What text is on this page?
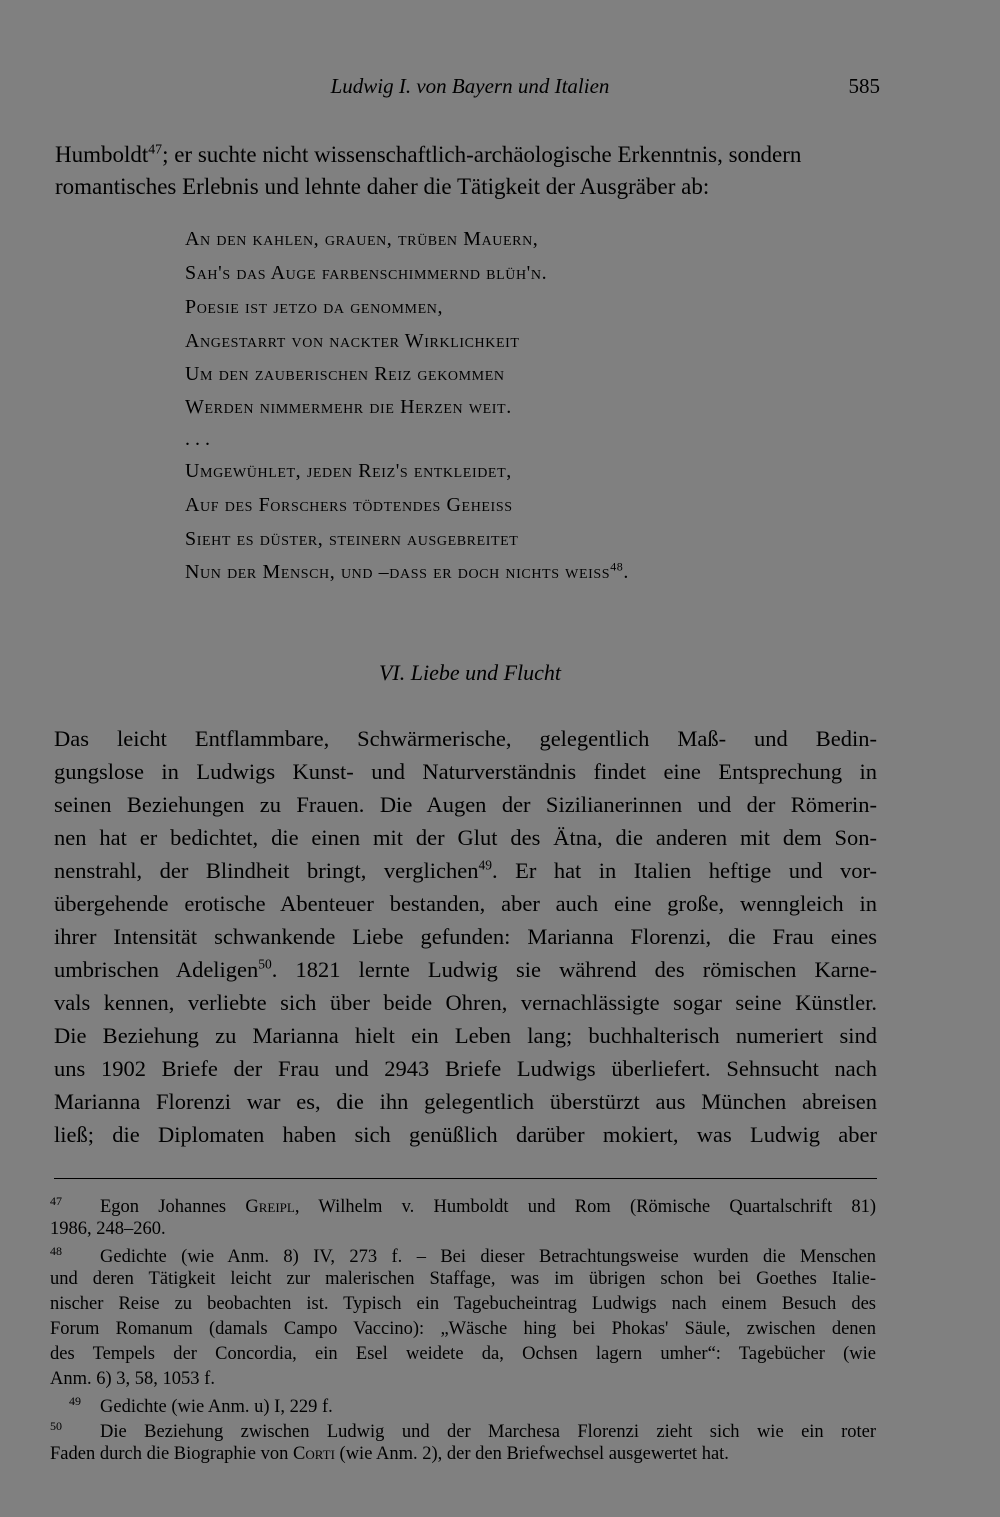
Ludwig I. von Bayern und Italien	585
Humboldt$^{47}$; er suchte nicht wissenschaftlich-archäologische Erkenntnis, sondern
romantisches Erlebnis und lehnte daher die Tätigkeit der Ausgräber ab:
An den kahlen, grauen, trüben Mauern,
Sah's das Auge farbenschimmernd blüh'n.
Poesie ist jetzo da genommen,
Angestarrt von nackter Wirklichkeit
Um den zauberischen Reiz gekommen
Werden nimmermehr die Herzen weit.
. . .
Umgewühlet, jeden Reiz's entkleidet,
Auf des Forschers tödtendes Geheiss
Sieht es düster, steinern ausgebreitet
Nun der Mensch, und –dass er doch nichts weiss$^{48}$.
VI. Liebe und Flucht
Das leicht Entflammbare, Schwärmerische, gelegentlich Maß- und Bedin-
gungslose in Ludwigs Kunst- und Naturverständnis findet eine Entsprechung in
seinen Beziehungen zu Frauen. Die Augen der Sizilianerinnen und der Römerin-
nen hat er bedichtet, die einen mit der Glut des Ätna, die anderen mit dem Son-
nenstrahl, der Blindheit bringt, verglichen$^{49}$. Er hat in Italien heftige und vor-
übergehende erotische Abenteuer bestanden, aber auch eine große, wenngleich in
ihrer Intensität schwankende Liebe gefunden: Marianna Florenzi, die Frau eines
umbrischen Adeligen$^{50}$. 1821 lernte Ludwig sie während des römischen Karne-
vals kennen, verliebte sich über beide Ohren, vernachlässigte sogar seine Künstler.
Die Beziehung zu Marianna hielt ein Leben lang; buchhalterisch numeriert sind
uns 1902 Briefe der Frau und 2943 Briefe Ludwigs überliefert. Sehnsucht nach
Marianna Florenzi war es, die ihn gelegentlich überstürzt aus München abreisen
ließ; die Diplomaten haben sich genüßlich darüber mokiert, was Ludwig aber
47 Egon Johannes Greipl, Wilhelm v. Humboldt und Rom (Römische Quartalschrift 81)
1986, 248–260.
48 Gedichte (wie Anm. 8) IV, 273 f. – Bei dieser Betrachtungsweise wurden die Menschen
und deren Tätigkeit leicht zur malerischen Staffage, was im übrigen schon bei Goethes Italie-
nischer Reise zu beobachten ist. Typisch ein Tagebucheintrag Ludwigs nach einem Besuch des
Forum Romanum (damals Campo Vaccino): „Wäsche hing bei Phokas' Säule, zwischen denen
des Tempels der Concordia, ein Esel weidete da, Ochsen lagern umher“: Tagebücher (wie
Anm. 6) 3, 58, 1053 f.
49 Gedichte (wie Anm. u) I, 229 f.
50 Die Beziehung zwischen Ludwig und der Marchesa Florenzi zieht sich wie ein roter
Faden durch die Biographie von Corti (wie Anm. 2), der den Briefwechsel ausgewertet hat.
